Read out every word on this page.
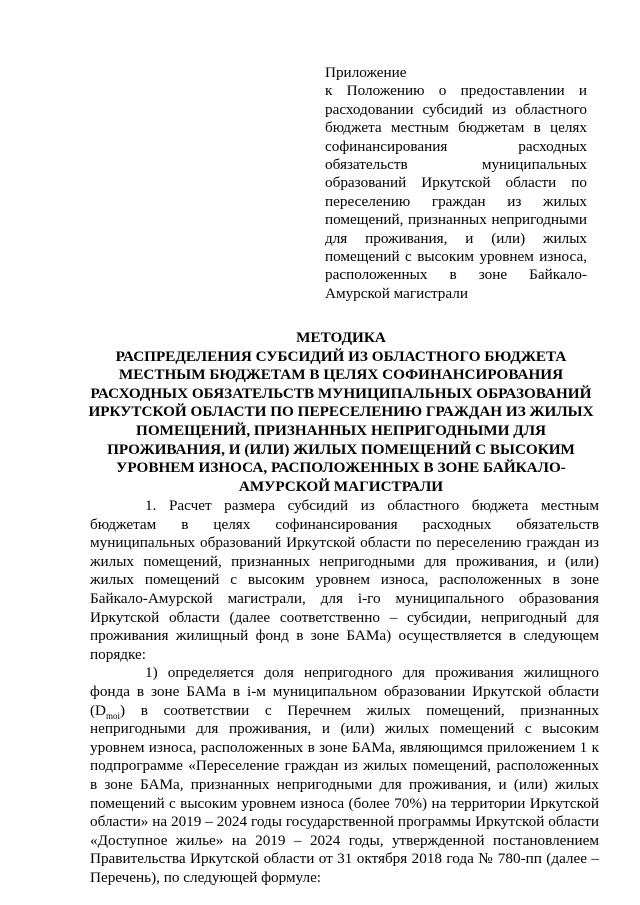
Приложение
к Положению о предоставлении и расходовании субсидий из областного бюджета местным бюджетам в целях софинансирования расходных обязательств муниципальных образований Иркутской области по переселению граждан из жилых помещений, признанных непригодными для проживания, и (или) жилых помещений с высоким уровнем износа, расположенных в зоне Байкало-Амурской магистрали
МЕТОДИКА
РАСПРЕДЕЛЕНИЯ СУБСИДИЙ ИЗ ОБЛАСТНОГО БЮДЖЕТА МЕСТНЫМ БЮДЖЕТАМ В ЦЕЛЯХ СОФИНАНСИРОВАНИЯ РАСХОДНЫХ ОБЯЗАТЕЛЬСТВ МУНИЦИПАЛЬНЫХ ОБРАЗОВАНИЙ ИРКУТСКОЙ ОБЛАСТИ ПО ПЕРЕСЕЛЕНИЮ ГРАЖДАН ИЗ ЖИЛЫХ ПОМЕЩЕНИЙ, ПРИЗНАННЫХ НЕПРИГОДНЫМИ ДЛЯ ПРОЖИВАНИЯ, И (ИЛИ) ЖИЛЫХ ПОМЕЩЕНИЙ С ВЫСОКИМ УРОВНЕМ ИЗНОСА, РАСПОЛОЖЕННЫХ В ЗОНЕ БАЙКАЛО-АМУРСКОЙ МАГИСТРАЛИ

1. Расчет размера субсидий из областного бюджета местным бюджетам в целях софинансирования расходных обязательств муниципальных образований Иркутской области по переселению граждан из жилых помещений, признанных непригодными для проживания, и (или) жилых помещений с высоким уровнем износа, расположенных в зоне Байкало-Амурской магистрали, для i-го муниципального образования Иркутской области (далее соответственно – субсидии, непригодный для проживания жилищный фонд в зоне БАМа) осуществляется в следующем порядке:

1) определяется доля непригодного для проживания жилищного фонда в зоне БАМа в i-м муниципальном образовании Иркутской области $(D_{moi})$ в соответствии с Перечнем жилых помещений, признанных непригодными для проживания, и (или) жилых помещений с высоким уровнем износа, расположенных в зоне БАМа, являющимся приложением 1 к подпрограмме «Переселение граждан из жилых помещений, расположенных в зоне БАМа, признанных непригодными для проживания, и (или) жилых помещений с высоким уровнем износа (более 70%) на территории Иркутской области» на 2019 – 2024 годы государственной программы Иркутской области «Доступное жилье» на 2019 – 2024 годы, утвержденной постановлением Правительства Иркутской области от 31 октября 2018 года № 780-пп (далее – Перечень), по следующей формуле:
